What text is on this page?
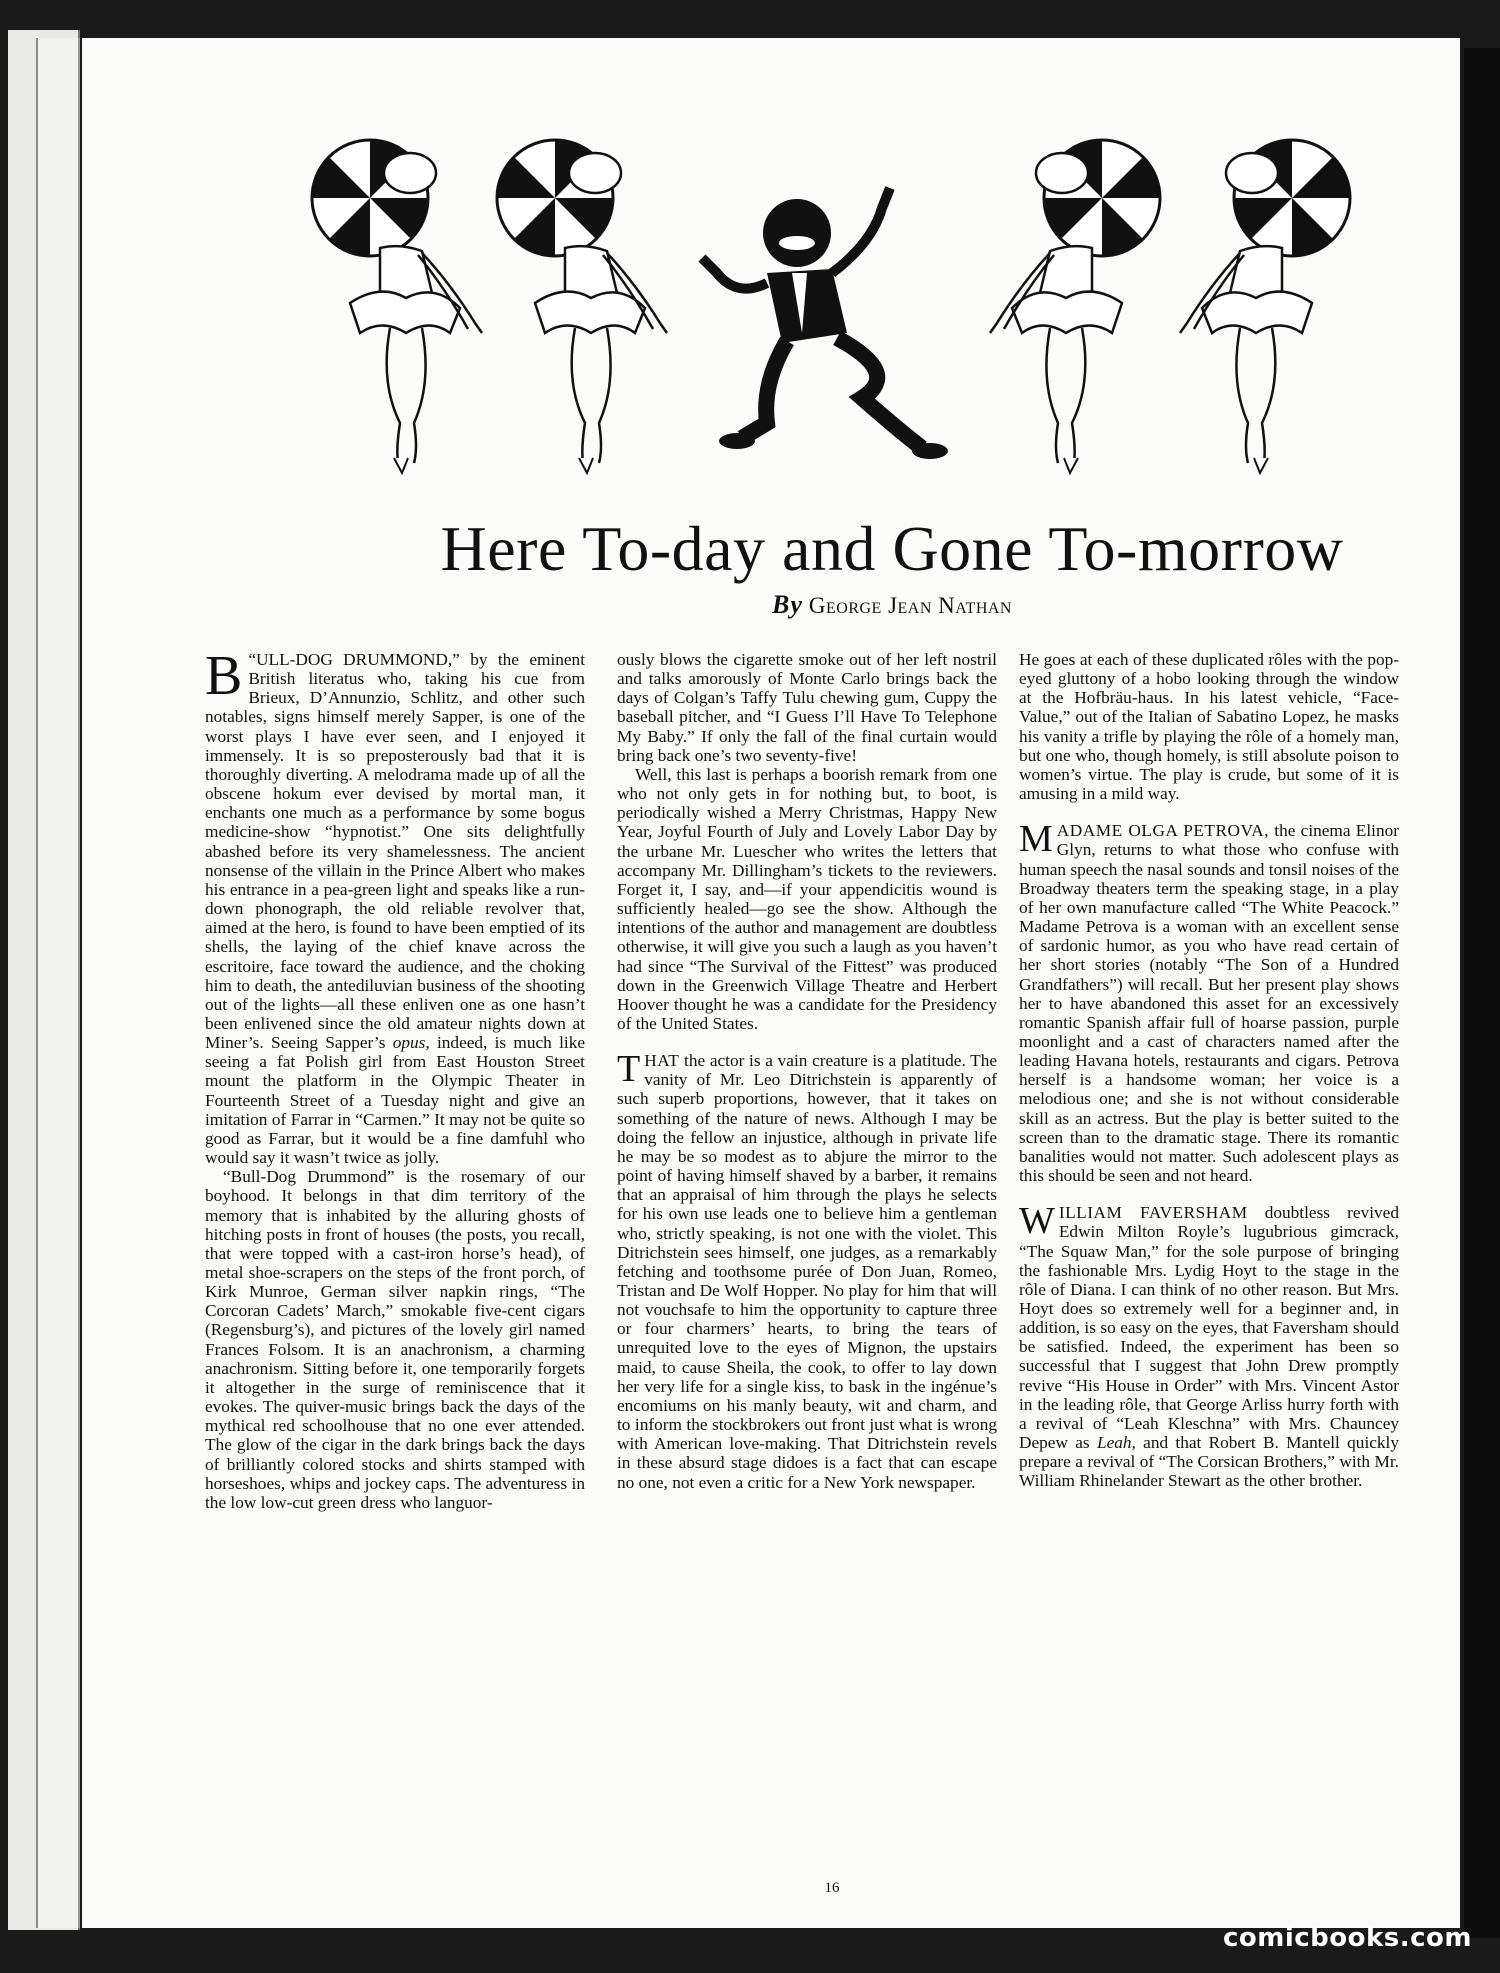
Here To-day and Gone To-morrow
By George Jean Nathan

“
B ULL-DOG DRUMMOND,” by the eminent British literatus who, taking his cue from Brieux, D’Annunzio, Schlitz, and other such notables, signs himself merely Sapper, is one of the worst plays I have ever seen, and I enjoyed it immensely. It is so preposterously bad that it is thoroughly diverting. A melodrama made up of all the obscene hokum ever devised by mortal man, it enchants one much as a performance by some bogus medicine-show “hypnotist.” One sits delightfully abashed before its very shamelessness. The ancient nonsense of the villain in the Prince Albert who makes his entrance in a pea-green light and speaks like a run-down phonograph, the old reliable revolver that, aimed at the hero, is found to have been emptied of its shells, the laying of the chief knave across the escritoire, face toward the audience, and the choking him to death, the antediluvian business of the shooting out of the lights—all these enliven one as one hasn’t been enlivened since the old amateur nights down at Miner’s. Seeing Sapper’s opus, indeed, is much like seeing a fat Polish girl from East Houston Street mount the platform in the Olympic Theater in Fourteenth Street of a Tuesday night and give an imitation of Farrar in “Carmen.” It may not be quite so good as Farrar, but it would be a fine damfuhl who would say it wasn’t twice as jolly.

“Bull-Dog Drummond” is the rosemary of our boyhood. It belongs in that dim territory of the memory that is inhabited by the alluring ghosts of hitching posts in front of houses (the posts, you recall, that were topped with a cast-iron horse’s head), of metal shoe-scrapers on the steps of the front porch, of Kirk Munroe, German silver napkin rings, “The Corcoran Cadets’ March,” smokable five-cent cigars (Regensburg’s), and pictures of the lovely girl named Frances Folsom. It is an anachronism, a charming anachronism. Sitting before it, one temporarily forgets it altogether in the surge of reminiscence that it evokes. The quiver-music brings back the days of the mythical red schoolhouse that no one ever attended. The glow of the cigar in the dark brings back the days of brilliantly colored stocks and shirts stamped with horseshoes, whips and jockey caps. The adventuress in the low low-cut green dress who languor-

ously blows the cigarette smoke out of her left nostril and talks amorously of Monte Carlo brings back the days of Colgan’s Taffy Tulu chewing gum, Cuppy the baseball pitcher, and “I Guess I’ll Have To Telephone My Baby.” If only the fall of the final curtain would bring back one’s two seventy-five!

Well, this last is perhaps a boorish remark from one who not only gets in for nothing but, to boot, is periodically wished a Merry Christmas, Happy New Year, Joyful Fourth of July and Lovely Labor Day by the urbane Mr. Luescher who writes the letters that accompany Mr. Dillingham’s tickets to the reviewers. Forget it, I say, and—if your appendicitis wound is sufficiently healed—go see the show. Although the intentions of the author and management are doubtless otherwise, it will give you such a laugh as you haven’t had since “The Survival of the Fittest” was produced down in the Greenwich Village Theatre and Herbert Hoover thought he was a candidate for the Presidency of the United States.

THAT the actor is a vain creature is a platitude. The vanity of Mr. Leo Ditrichstein is apparently of such superb proportions, however, that it takes on something of the nature of news. Although I may be doing the fellow an injustice, although in private life he may be so modest as to abjure the mirror to the point of having himself shaved by a barber, it remains that an appraisal of him through the plays he selects for his own use leads one to believe him a gentleman who, strictly speaking, is not one with the violet. This Ditrichstein sees himself, one judges, as a remarkably fetching and toothsome purée of Don Juan, Romeo, Tristan and De Wolf Hopper. No play for him that will not vouchsafe to him the opportunity to capture three or four charmers’ hearts, to bring the tears of unrequited love to the eyes of Mignon, the upstairs maid, to cause Sheila, the cook, to offer to lay down her very life for a single kiss, to bask in the ingénue’s encomiums on his manly beauty, wit and charm, and to inform the stockbrokers out front just what is wrong with American love-making. That Ditrichstein revels in these absurd stage didoes is a fact that can escape no one, not even a critic for a New York newspaper.

He goes at each of these duplicated rôles with the pop-eyed gluttony of a hobo looking through the window at the Hofbräu-haus. In his latest vehicle, “Face-Value,” out of the Italian of Sabatino Lopez, he masks his vanity a trifle by playing the rôle of a homely man, but one who, though homely, is still absolute poison to women’s virtue. The play is crude, but some of it is amusing in a mild way.

MADAME OLGA PETROVA, the cinema Elinor Glyn, returns to what those who confuse with human speech the nasal sounds and tonsil noises of the Broadway theaters term the speaking stage, in a play of her own manufacture called “The White Peacock.” Madame Petrova is a woman with an excellent sense of sardonic humor, as you who have read certain of her short stories (notably “The Son of a Hundred Grandfathers”) will recall. But her present play shows her to have abandoned this asset for an excessively romantic Spanish affair full of hoarse passion, purple moonlight and a cast of characters named after the leading Havana hotels, restaurants and cigars. Petrova herself is a handsome woman; her voice is a melodious one; and she is not without considerable skill as an actress. But the play is better suited to the screen than to the dramatic stage. There its romantic banalities would not matter. Such adolescent plays as this should be seen and not heard.

WILLIAM FAVERSHAM doubtless revived Edwin Milton Royle’s lugubrious gimcrack, “The Squaw Man,” for the sole purpose of bringing the fashionable Mrs. Lydig Hoyt to the stage in the rôle of Diana. I can think of no other reason. But Mrs. Hoyt does so extremely well for a beginner and, in addition, is so easy on the eyes, that Faversham should be satisfied. Indeed, the experiment has been so successful that I suggest that John Drew promptly revive “His House in Order” with Mrs. Vincent Astor in the leading rôle, that George Arliss hurry forth with a revival of “Leah Kleschna” with Mrs. Chauncey Depew as Leah, and that Robert B. Mantell quickly prepare a revival of “The Corsican Brothers,” with Mr. William Rhinelander Stewart as the other brother.

16
comicbooks.com
